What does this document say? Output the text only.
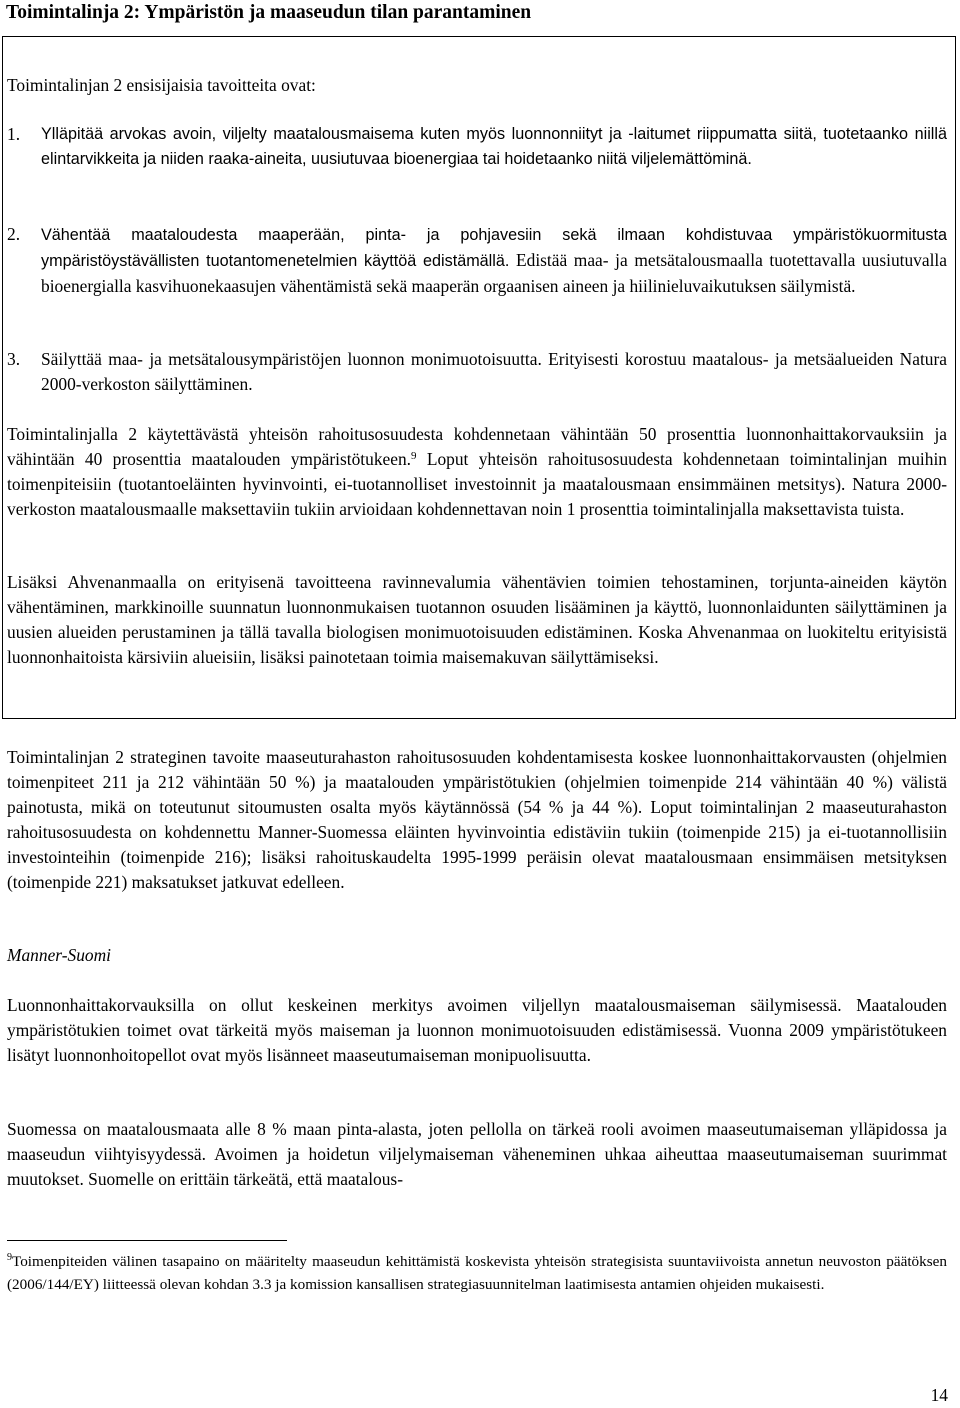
Toimintalinja 2: Ympäristön ja maaseudun tilan parantaminen

Toimintalinjan 2 ensisijaisia tavoitteita ovat:

1.	Ylläpitää arvokas avoin, viljelty maatalousmaisema kuten myös luonnonniityt ja -laitumet riippumatta siitä, tuotetaanko niillä elintarvikkeita ja niiden raaka-aineita, uusiutuvaa bioenergiaa tai hoidetaanko niitä viljelemättöminä.
2.	Vähentää maataloudesta maaperään, pinta- ja pohjavesiin sekä ilmaan kohdistuvaa ympäristökuormitusta ympäristöystävällisten tuotantomenetelmien käyttöä edistämällä. Edistää maa- ja metsätalousmaalla tuotettavalla uusiutuvalla bioenergialla kasvihuonekaasujen vähentämistä sekä maaperän orgaanisen aineen ja hiilinieluvaikutuksen säilymistä.
3.	Säilyttää maa- ja metsätalousympäristöjen luonnon monimuotoisuutta. Erityisesti korostuu maatalous- ja metsäalueiden Natura 2000-verkoston säilyttäminen.

Toimintalinjalla 2 käytettävästä yhteisön rahoitusosuudesta kohdennetaan vähintään 50 prosenttia luonnonhaittakorvauksiin ja vähintään 40 prosenttia maatalouden ympäristötukeen.$^9$ Loput yhteisön rahoitusosuudesta kohdennetaan toimintalinjan muihin toimenpiteisiin (tuotantoeläinten hyvinvointi, ei-tuotannolliset investoinnit ja maatalousmaan ensimmäinen metsitys). Natura 2000-verkoston maatalousmaalle maksettaviin tukiin arvioidaan kohdennettavan noin 1 prosenttia toimintalinjalla maksettavista tuista.

Lisäksi Ahvenanmaalla on erityisenä tavoitteena ravinnevalumia vähentävien toimien tehostaminen, torjunta-aineiden käytön vähentäminen, markkinoille suunnatun luonnonmukaisen tuotannon osuuden lisääminen ja käyttö, luonnonlaidunten säilyttäminen ja uusien alueiden perustaminen ja tällä tavalla biologisen monimuotoisuuden edistäminen. Koska Ahvenanmaa on luokiteltu erityisistä luonnonhaitoista kärsiviin alueisiin, lisäksi painotetaan toimia maisemakuvan säilyttämiseksi.

Toimintalinjan 2 strateginen tavoite maaseuturahaston rahoitusosuuden kohdentamisesta koskee luonnonhaittakorvausten (ohjelmien toimenpiteet 211 ja 212 vähintään 50 %) ja maatalouden ympäristötukien (ohjelmien toimenpide 214 vähintään 40 %) välistä painotusta, mikä on toteutunut sitoumusten osalta myös käytännössä (54 % ja 44 %). Loput toimintalinjan 2 maaseuturahaston rahoitusosuudesta on kohdennettu Manner-Suomessa eläinten hyvinvointia edistäviin tukiin (toimenpide 215) ja ei-tuotannollisiin investointeihin (toimenpide 216); lisäksi rahoituskaudelta 1995-1999 peräisin olevat maatalousmaan ensimmäisen metsityksen (toimenpide 221) maksatukset jatkuvat edelleen.

Manner-Suomi

Luonnonhaittakorvauksilla on ollut keskeinen merkitys avoimen viljellyn maatalousmaiseman säilymisessä. Maatalouden ympäristötukien toimet ovat tärkeitä myös maiseman ja luonnon monimuotoisuuden edistämisessä. Vuonna 2009 ympäristötukeen lisätyt luonnonhoitopellot ovat myös lisänneet maaseutumaiseman monipuolisuutta.

Suomessa on maatalousmaata alle 8 % maan pinta-alasta, joten pellolla on tärkeä rooli avoimen maaseutumaiseman ylläpidossa ja maaseudun viihtyisyydessä. Avoimen ja hoidetun viljelymaiseman väheneminen uhkaa aiheuttaa maaseutumaiseman suurimmat muutokset. Suomelle on erittäin tärkeätä, että maatalous-

$^9$Toimenpiteiden välinen tasapaino on määritelty maaseudun kehittämistä koskevista yhteisön strategisista suuntaviivoista annetun neuvoston päätöksen (2006/144/EY) liitteessä olevan kohdan 3.3 ja komission kansallisen strategiasuunnitelman laatimisesta antamien ohjeiden mukaisesti.
14
